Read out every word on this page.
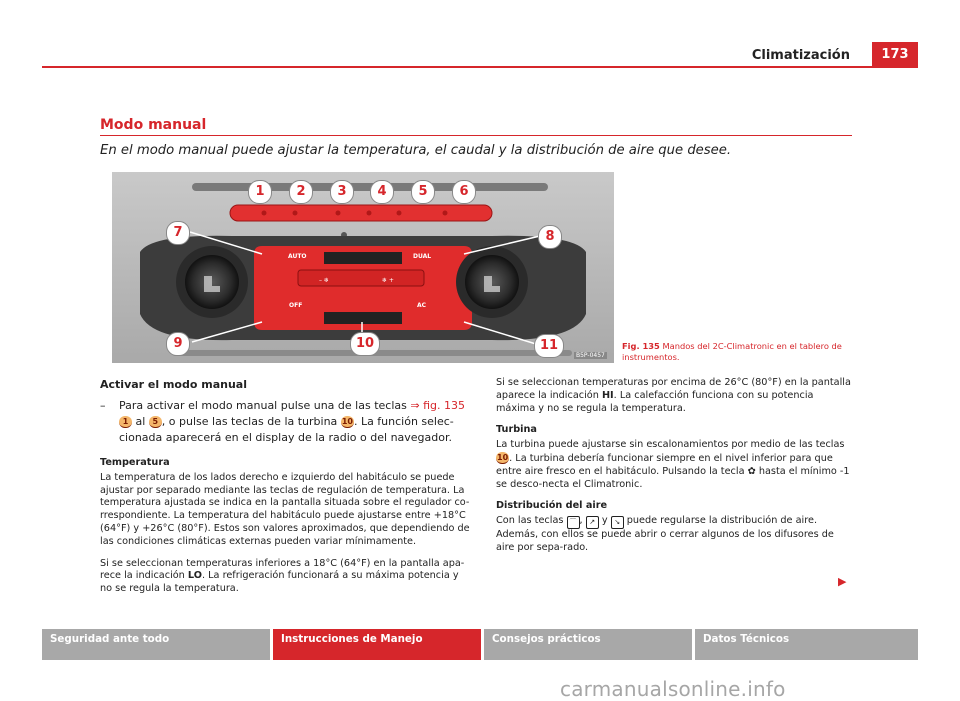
Climatización	173
Modo manual
En el modo manual puede ajustar la temperatura, el caudal y la distribución de aire que desee.
AUTO	DUAL
OFF	AC
– ❄	❄ +
1	2	3	4	5	6
7	8
9	10	11
B5P-0457
Fig. 135 Mandos del 2C-Climatronic en el tablero de instrumentos.
Activar el modo manual
–	Para activar el modo manual pulse una de las teclas ⇒ fig. 135 1 al 5 , o pulse las teclas de la turbina 10. La función selec-cionada aparecerá en el display de la radio o del navegador.
Temperatura
La temperatura de los lados derecho e izquierdo del habitáculo se puede ajustar por separado mediante las teclas de regulación de temperatura. La temperatura ajustada se indica en la pantalla situada sobre el regulador co-rrespondiente. La temperatura del habitáculo puede ajustarse entre +18°C (64°F) y +26°C (80°F). Estos son valores aproximados, que dependiendo de las condiciones climáticas externas pueden variar mínimamente.
Si se seleccionan temperaturas inferiores a 18°C (64°F) en la pantalla apa-rece la indicación LO. La refrigeración funcionará a su máxima potencia y no se regula la temperatura.
Si se seleccionan temperaturas por encima de 26°C (80°F) en la pantalla aparece la indicación HI. La calefacción funciona con su potencia máxima y no se regula la temperatura.
Turbina
La turbina puede ajustarse sin escalonamientos por medio de las teclas 10. La turbina debería funcionar siempre en el nivel inferior para que entre aire fresco en el habitáculo. Pulsando la tecla ✿ hasta el mínimo -1 se desco-necta el Climatronic.
Distribución del aire
Con las teclas ⌒ , ↗ y ↘ puede regularse la distribución de aire. Además, con ellos se puede abrir o cerrar algunos de los difusores de aire por sepa-rado.
▶
Seguridad ante todo	Instrucciones de Manejo	Consejos prácticos	Datos Técnicos
carmanualsonline.info
